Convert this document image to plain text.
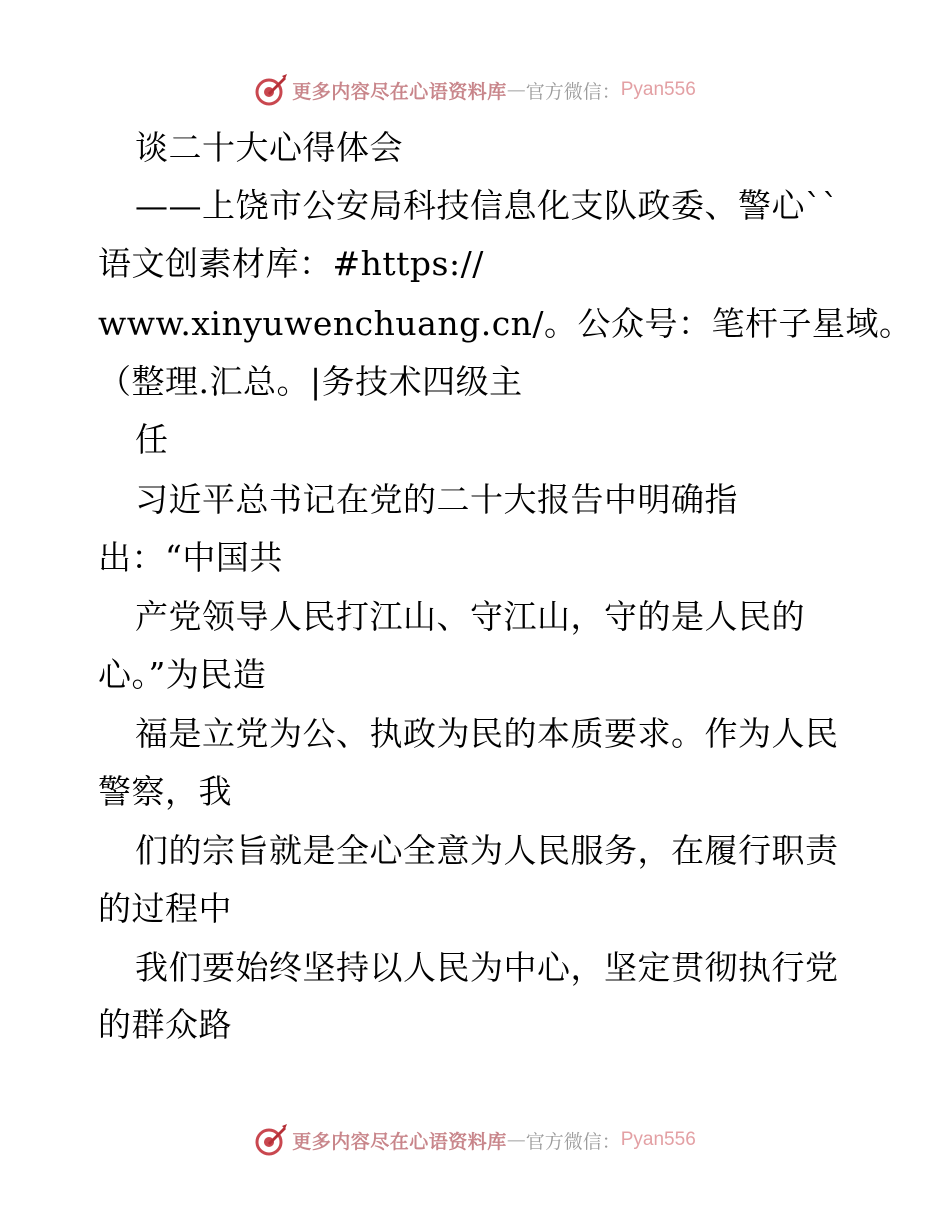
更多内容尽在心语资料库 — 官方微信： Pyan556
谈二十大心得体会
——上饶市公安局科技信息化支队政委、警心``
语文创素材库：#https://
www.xinyuwenchuang.cn/。公众号：笔杆子星域。
（整理.汇总。|务技术四级主
任
习近平总书记在党的二十大报告中明确指
出：“中国共
产党领导人民打江山、守江山，守的是人民的
心。”为民造
福是立党为公、执政为民的本质要求。作为人民
警察，我
们的宗旨就是全心全意为人民服务，在履行职责
的过程中
我们要始终坚持以人民为中心，坚定贯彻执行党
的群众路
更多内容尽在心语资料库 — 官方微信： Pyan556
